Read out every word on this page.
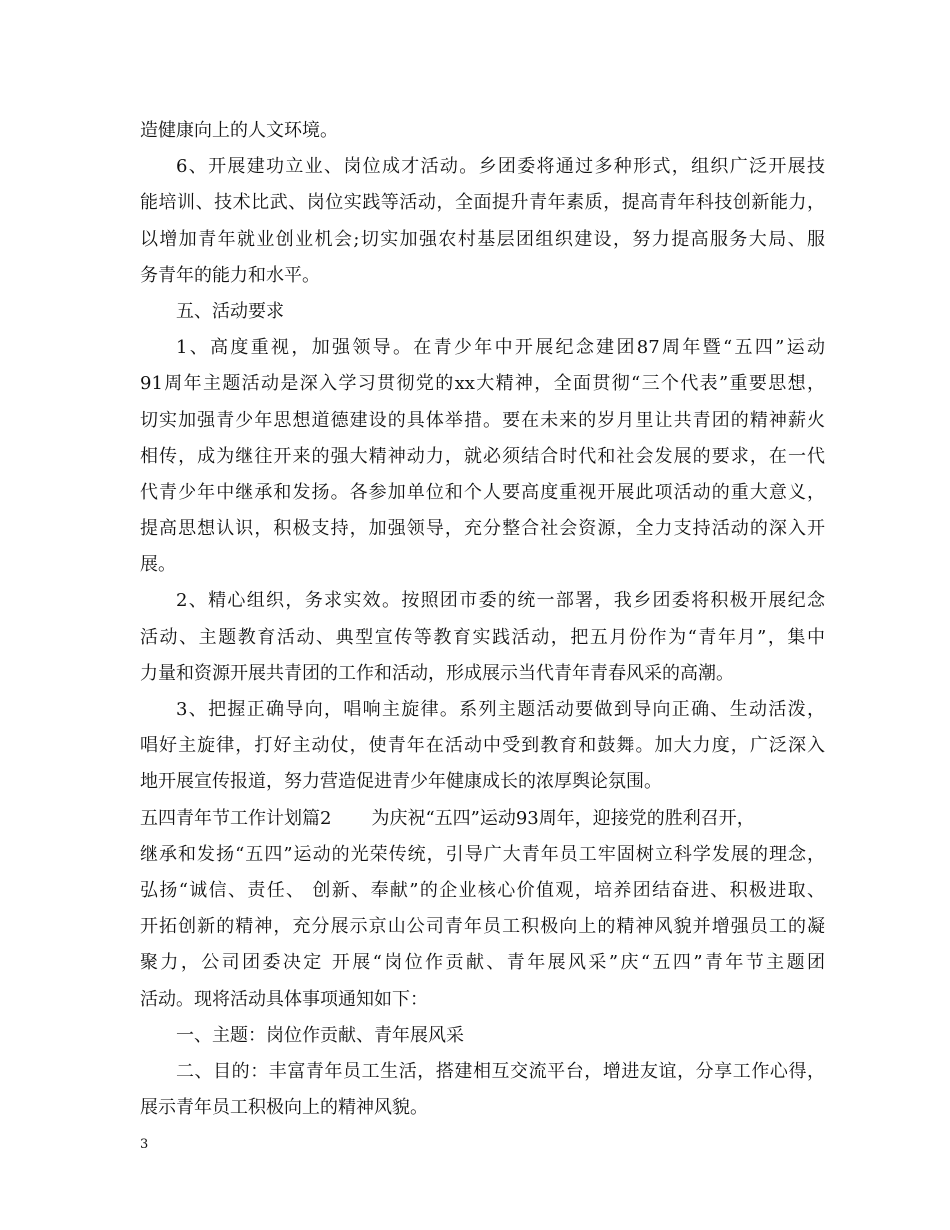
造健康向上的人文环境。
6、开展建功立业、岗位成才活动。乡团委将通过多种形式，组织广泛开展技
能培训、技术比武、岗位实践等活动，全面提升青年素质，提高青年科技创新能力，
以增加青年就业创业机会;切实加强农村基层团组织建设，努力提高服务大局、服
务青年的能力和水平。
五、活动要求
1、高度重视，加强领导。在青少年中开展纪念建团87周年暨“五四”运动
91周年主题活动是深入学习贯彻党的xx大精神，全面贯彻“三个代表”重要思想，
切实加强青少年思想道德建设的具体举措。要在未来的岁月里让共青团的精神薪火
相传，成为继往开来的强大精神动力，就必须结合时代和社会发展的要求，在一代
代青少年中继承和发扬。各参加单位和个人要高度重视开展此项活动的重大意义，
提高思想认识，积极支持，加强领导，充分整合社会资源，全力支持活动的深入开
展。
2、精心组织，务求实效。按照团市委的统一部署，我乡团委将积极开展纪念
活动、主题教育活动、典型宣传等教育实践活动，把五月份作为“青年月”，集中
力量和资源开展共青团的工作和活动，形成展示当代青年青春风采的高潮。
3、把握正确导向，唱响主旋律。系列主题活动要做到导向正确、生动活泼，
唱好主旋律，打好主动仗，使青年在活动中受到教育和鼓舞。加大力度，广泛深入
地开展宣传报道，努力营造促进青少年健康成长的浓厚舆论氛围。
五四青年节工作计划篇2 为庆祝“五四”运动93周年，迎接党的胜利召开，
继承和发扬“五四”运动的光荣传统，引导广大青年员工牢固树立科学发展的理念，
弘扬“诚信、责任、 创新、奉献”的企业核心价值观，培养团结奋进、积极进取、
开拓创新的精神，充分展示京山公司青年员工积极向上的精神风貌并增强员工的凝
聚力，公司团委决定 开展“岗位作贡献、青年展风采”庆“五四”青年节主题团
活动。现将活动具体事项通知如下：
一、主题：岗位作贡献、青年展风采
二、目的：丰富青年员工生活，搭建相互交流平台，增进友谊，分享工作心得，
展示青年员工积极向上的精神风貌。
3
